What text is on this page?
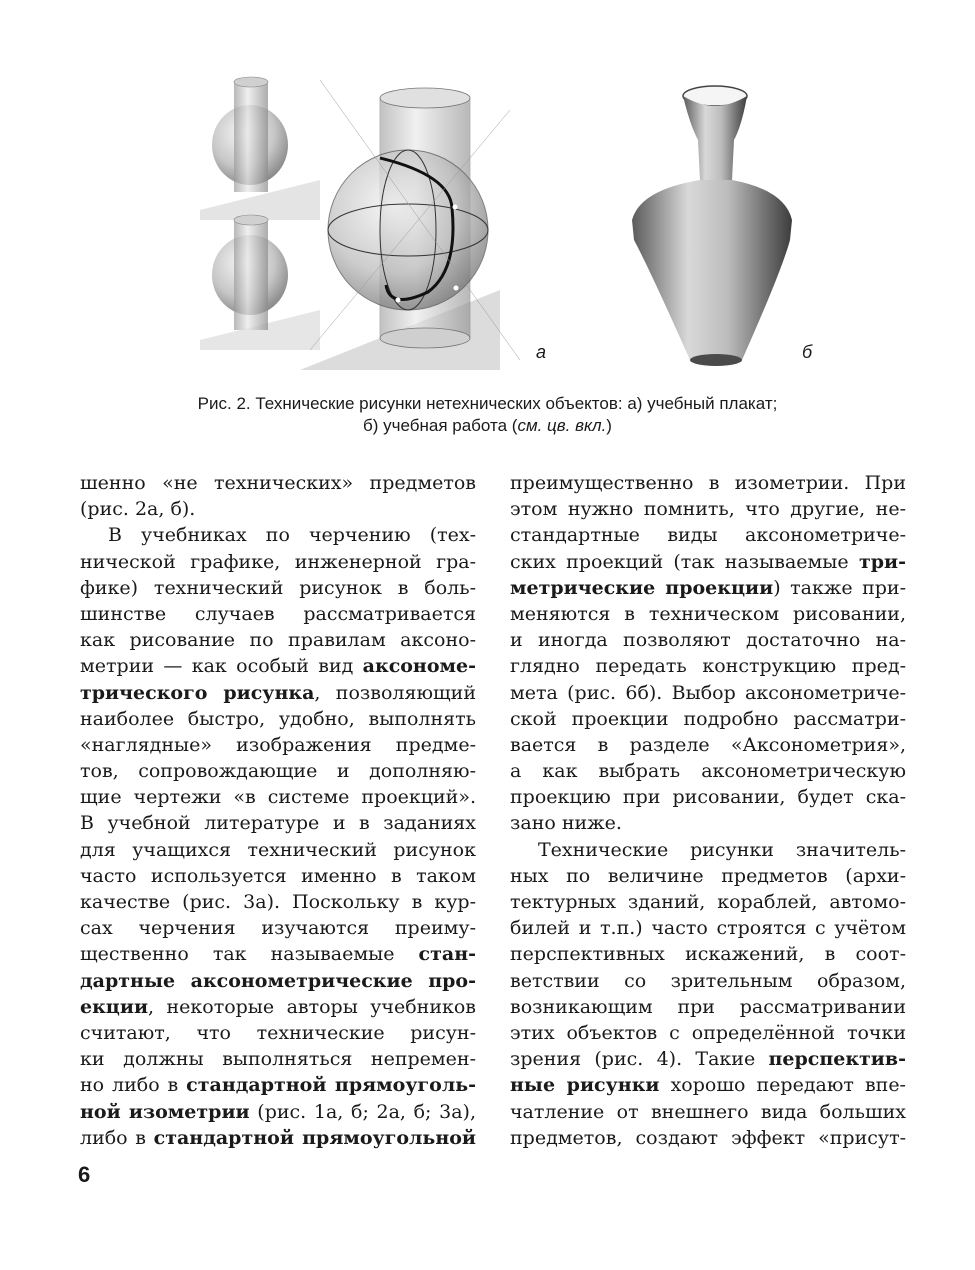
а	б
Рис. 2. Технические рисунки нетехнических объектов: а) учебный плакат;
б) учебная работа (см. цв. вкл.)
шенно «не технических» предметов
(рис. 2а, б).
В учебниках по черчению (тех-
нической графике, инженерной гра-
фике) технический рисунок в боль-
шинстве случаев рассматривается
как рисование по правилам аксоно-
метрии — как особый вид аксономе-
трического рисунка, позволяющий
наиболее быстро, удобно, выполнять
«наглядные» изображения предме-
тов, сопровождающие и дополняю-
щие чертежи «в системе проекций».
В учебной литературе и в заданиях
для учащихся технический рисунок
часто используется именно в таком
качестве (рис. 3а). Поскольку в кур-
сах черчения изучаются преиму-
щественно так называемые стан-
дартные аксонометрические про-
екции, некоторые авторы учебников
считают, что технические рисун-
ки должны выполняться непремен-
но либо в стандартной прямоуголь-
ной изометрии (рис. 1а, б; 2а, б; 3а),
либо в стандартной прямоугольной
преимущественно в изометрии. При
этом нужно помнить, что другие, не-
стандартные виды аксонометриче-
ских проекций (так называемые три-
метрические проекции) также при-
меняются в техническом рисовании,
и иногда позволяют достаточно на-
глядно передать конструкцию пред-
мета (рис. 6б). Выбор аксонометриче-
ской проекции подробно рассматри-
вается в разделе «Аксонометрия»,
а как выбрать аксонометрическую
проекцию при рисовании, будет ска-
зано ниже.
Технические рисунки значитель-
ных по величине предметов (архи-
тектурных зданий, кораблей, автомо-
билей и т.п.) часто строятся с учётом
перспективных искажений, в соот-
ветствии со зрительным образом,
возникающим при рассматривании
этих объектов с определённой точки
зрения (рис. 4). Такие перспектив-
ные рисунки хорошо передают впе-
чатление от внешнего вида больших
предметов, создают эффект «присут-
6
